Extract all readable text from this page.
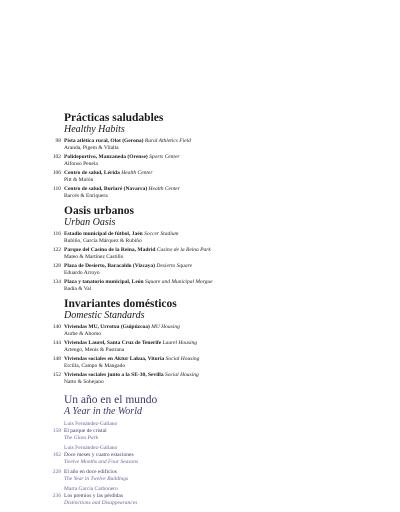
Prácticas saludables
Healthy Habits
98 Pista atlética rural, Olot (Gerona) Rural Athletics Field
Aranda, Pigem & Vilalta
102 Polideportivo, Manzaneda (Orense) Sports Center
Alfonso Penela
106 Centro de salud, Lérida Health Center
Pitt & Mulón
110 Centro de salud, Burlaré (Navarra) Health Center
Barcés & Enriquera
Oasis urbanos
Urban Oasis
116 Estadio municipal de fútbol, Jaén Soccer Stadium
Rubiño, García Márquez & Rubiño
122 Parque del Casino de la Reina, Madrid Casino de la Reina Park
Mateo & Martínez Castillo
128 Plaza de Desierto, Baracaldo (Vizcaya) Desierto Square
Eduardo Arroyo
134 Plaza y tanatorio municipal, León Square and Municipal Morgue
Badia & Val
Invariantes domésticos
Domestic Standards
140 Viviendas MU, Urrotxu (Guipúzcoa) MU Housing
Aurbe & Abomo
144 Viviendas Laurel, Santa Cruz de Tenerife Laurel Housing
Artengo, Menis & Pastrana
148 Viviendas sociales en Aktur Lakua, Vitoria Social Housing
Ercilla, Campo & Mangado
152 Viviendas sociales junto a la SE-30, Sevilla Social Housing
Natto & Sobejano
Un año en el mundo
A Year in the World
Luis Fernández-Galiano
158 El parque de cristal
The Glass Park
Luis Fernández-Galiano
162 Doce meses y cuatro estaciones
Twelve Months and Four Seasons
228 El año en doce edificios
The Year in Twelve Buildings
Marta García Carbonero
236 Los premios y las pérdidas
Distinctions and Disappearances
